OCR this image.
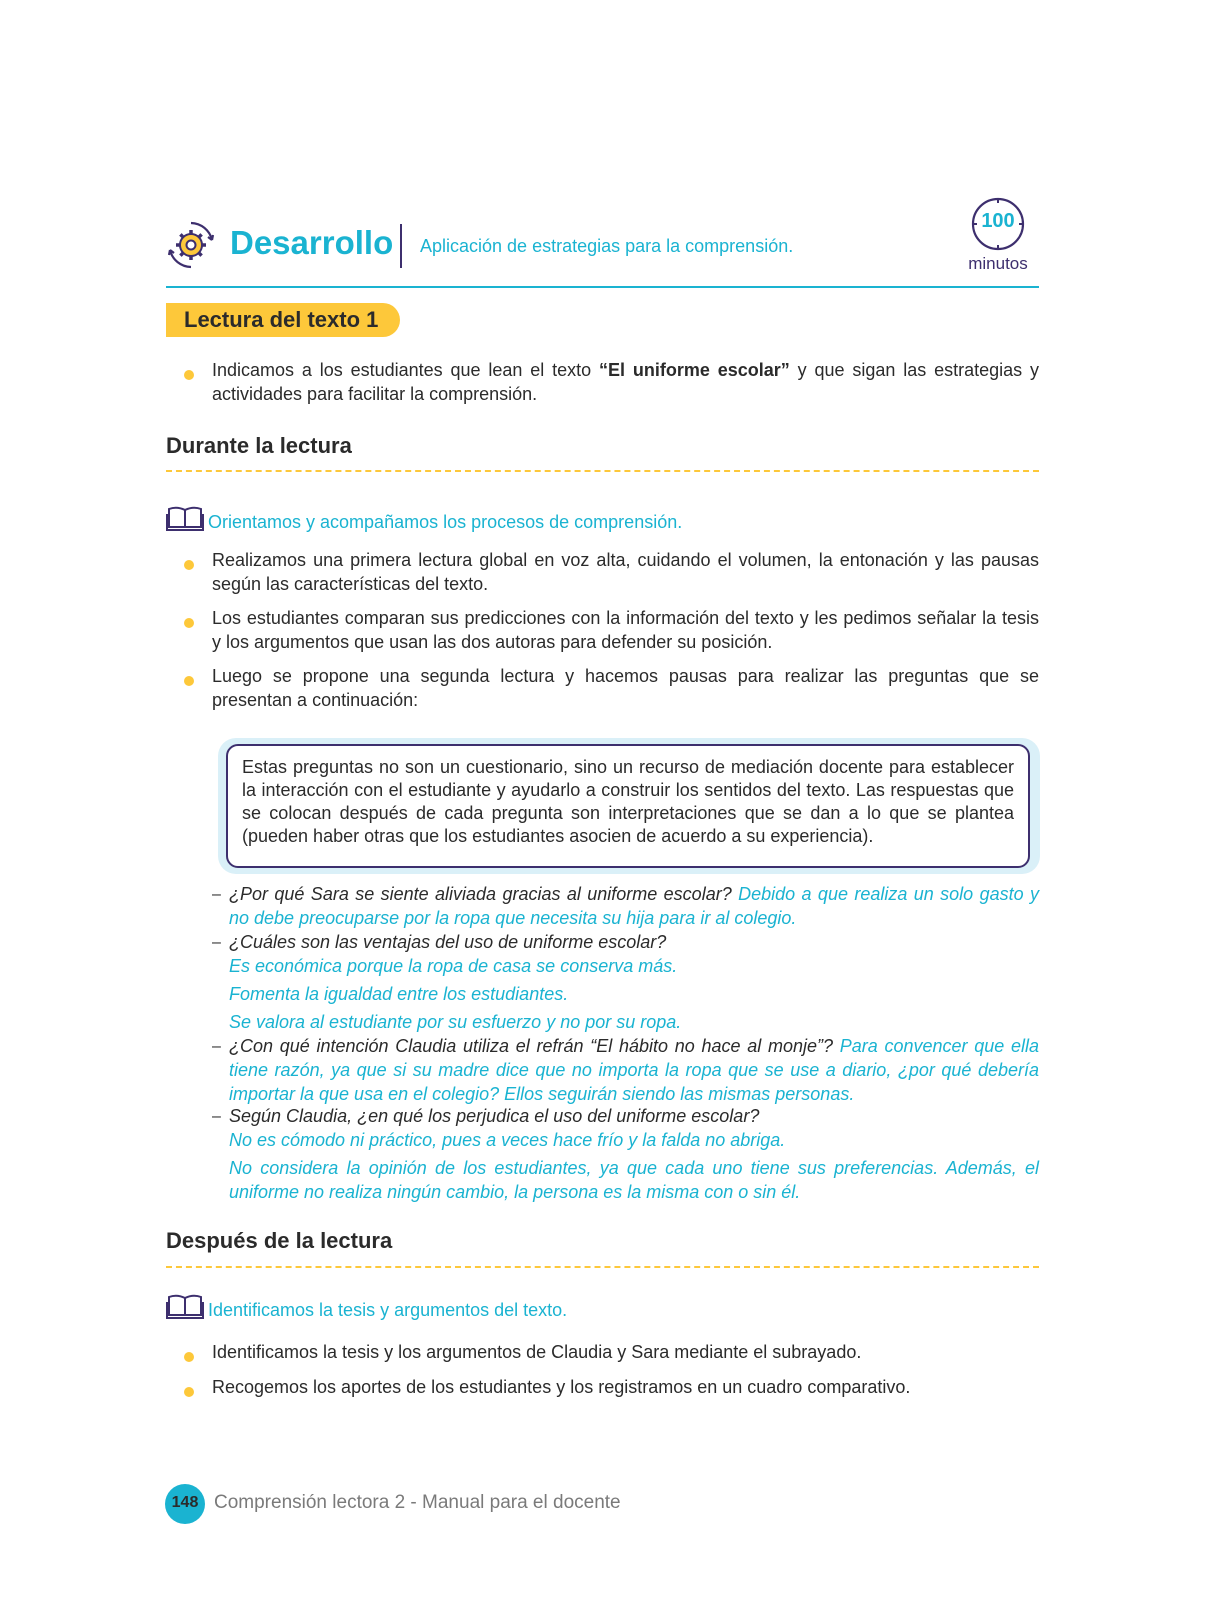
Desarrollo Aplicación de estrategias para la comprensión.
100
minutos
Lectura del texto 1
Indicamos a los estudiantes que lean el texto “El uniforme escolar” y que sigan las estrategias y actividades para facilitar la comprensión.
Durante la lectura
Orientamos y acompañamos los procesos de comprensión.
Realizamos una primera lectura global en voz alta, cuidando el volumen, la entonación y las pausas según las características del texto.
Los estudiantes comparan sus predicciones con la información del texto y les pedimos señalar la tesis y los argumentos que usan las dos autoras para defender su posición.
Luego se propone una segunda lectura y hacemos pausas para realizar las preguntas que se presentan a continuación:
Estas preguntas no son un cuestionario, sino un recurso de mediación docente para establecer la interacción con el estudiante y ayudarlo a construir los sentidos del texto. Las respuestas que se colocan después de cada pregunta son interpretaciones que se dan a lo que se plantea (pueden haber otras que los estudiantes asocien de acuerdo a su experiencia).
– ¿Por qué Sara se siente aliviada gracias al uniforme escolar? Debido a que realiza un solo gasto y no debe preocuparse por la ropa que necesita su hija para ir al colegio.
– ¿Cuáles son las ventajas del uso de uniforme escolar?
Es económica porque la ropa de casa se conserva más.
Fomenta la igualdad entre los estudiantes.
Se valora al estudiante por su esfuerzo y no por su ropa.
– ¿Con qué intención Claudia utiliza el refrán “El hábito no hace al monje”? Para convencer que ella tiene razón, ya que si su madre dice que no importa la ropa que se use a diario, ¿por qué debería importar la que usa en el colegio? Ellos seguirán siendo las mismas personas.
– Según Claudia, ¿en qué los perjudica el uso del uniforme escolar?
No es cómodo ni práctico, pues a veces hace frío y la falda no abriga.
No considera la opinión de los estudiantes, ya que cada uno tiene sus preferencias. Además, el uniforme no realiza ningún cambio, la persona es la misma con o sin él.
Después de la lectura
Identificamos la tesis y argumentos del texto.
Identificamos la tesis y los argumentos de Claudia y Sara mediante el subrayado.
Recogemos los aportes de los estudiantes y los registramos en un cuadro comparativo.
148 Comprensión lectora 2 - Manual para el docente
